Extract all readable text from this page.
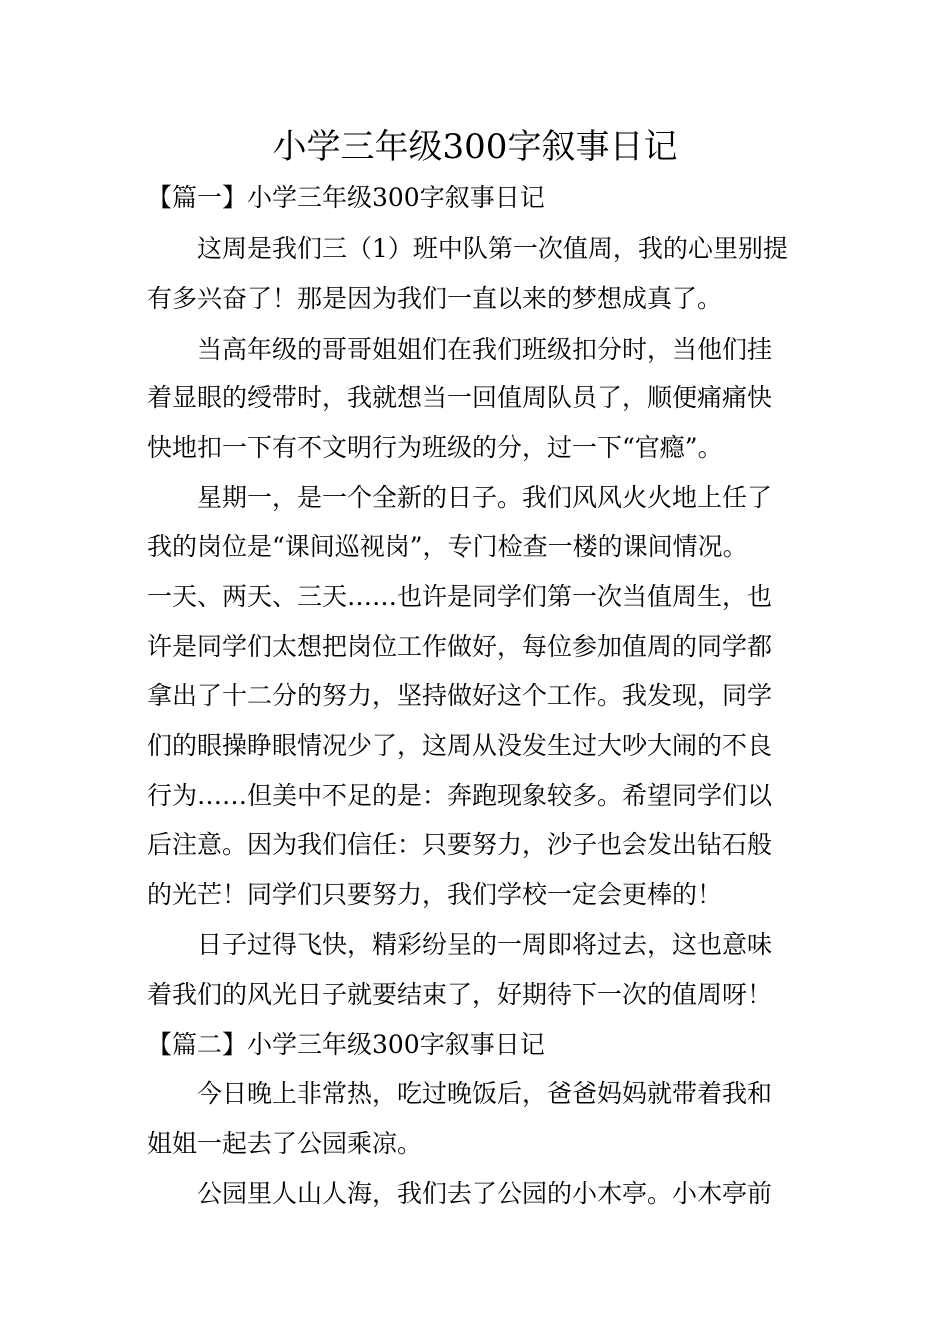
小学三年级300字叙事日记
【篇一】小学三年级300字叙事日记
这周是我们三（1）班中队第一次值周，我的心里别提
有多兴奋了！那是因为我们一直以来的梦想成真了。
当高年级的哥哥姐姐们在我们班级扣分时，当他们挂
着显眼的绶带时，我就想当一回值周队员了，顺便痛痛快
快地扣一下有不文明行为班级的分，过一下“官瘾”。
星期一，是一个全新的日子。我们风风火火地上任了
我的岗位是“课间巡视岗”，专门检查一楼的课间情况。
一天、两天、三天……也许是同学们第一次当值周生，也
许是同学们太想把岗位工作做好，每位参加值周的同学都
拿出了十二分的努力，坚持做好这个工作。我发现，同学
们的眼操睁眼情况少了，这周从没发生过大吵大闹的不良
行为……但美中不足的是：奔跑现象较多。希望同学们以
后注意。因为我们信任：只要努力，沙子也会发出钻石般
的光芒！同学们只要努力，我们学校一定会更棒的！
日子过得飞快，精彩纷呈的一周即将过去，这也意味
着我们的风光日子就要结束了，好期待下一次的值周呀！
【篇二】小学三年级300字叙事日记
今日晚上非常热，吃过晚饭后，爸爸妈妈就带着我和
姐姐一起去了公园乘凉。
公园里人山人海，我们去了公园的小木亭。小木亭前
